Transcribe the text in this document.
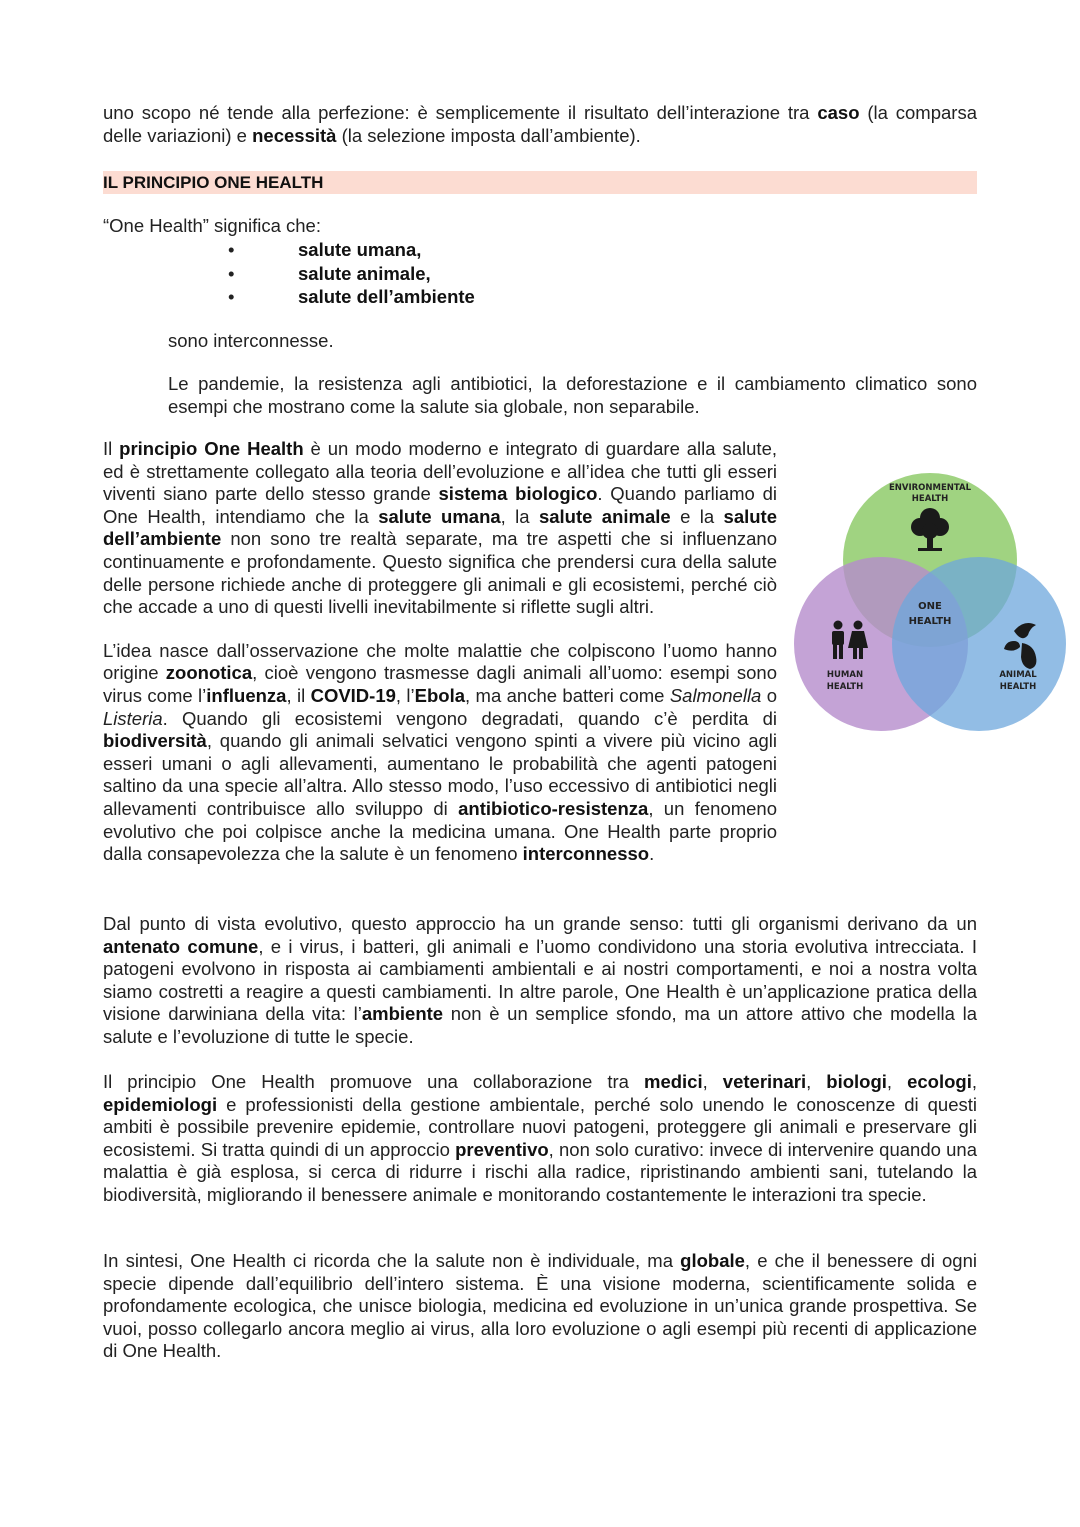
uno scopo né tende alla perfezione: è semplicemente il risultato dell’interazione tra caso (la comparsa delle variazioni) e necessità (la selezione imposta dall’ambiente).

IL PRINCIPIO ONE HEALTH

“One Health” significa che:

•	salute umana,
•	salute animale,
•	salute dell’ambiente

sono interconnesse.

Le pandemie, la resistenza agli antibiotici, la deforestazione e il cambiamento climatico sono esempi che mostrano come la salute sia globale, non separabile.

Il principio One Health è un modo moderno e integrato di guardare alla salute, ed è strettamente collegato alla teoria dell’evoluzione e all’idea che tutti gli esseri viventi siano parte dello stesso grande sistema biologico. Quando parliamo di One Health, intendiamo che la salute umana, la salute animale e la salute dell’ambiente non sono tre realtà separate, ma tre aspetti che si influenzano continuamente e profondamente. Questo significa che prendersi cura della salute delle persone richiede anche di proteggere gli animali e gli ecosistemi, perché ciò che accade a uno di questi livelli inevitabilmente si riflette sugli altri.

L’idea nasce dall’osservazione che molte malattie che colpiscono l’uomo hanno origine zoonotica, cioè vengono trasmesse dagli animali all’uomo: esempi sono virus come l’influenza, il COVID-19, l’Ebola, ma anche batteri come Salmonella o Listeria. Quando gli ecosistemi vengono degradati, quando c’è perdita di biodiversità, quando gli animali selvatici vengono spinti a vivere più vicino agli esseri umani o agli allevamenti, aumentano le probabilità che agenti patogeni saltino da una specie all’altra. Allo stesso modo, l’uso eccessivo di antibiotici negli allevamenti contribuisce allo sviluppo di antibiotico-resistenza, un fenomeno evolutivo che poi colpisce anche la medicina umana. One Health parte proprio dalla consapevolezza che la salute è un fenomeno interconnesso.

Dal punto di vista evolutivo, questo approccio ha un grande senso: tutti gli organismi derivano da un antenato comune, e i virus, i batteri, gli animali e l’uomo condividono una storia evolutiva intrecciata. I patogeni evolvono in risposta ai cambiamenti ambientali e ai nostri comportamenti, e noi a nostra volta siamo costretti a reagire a questi cambiamenti. In altre parole, One Health è un’applicazione pratica della visione darwiniana della vita: l’ambiente non è un semplice sfondo, ma un attore attivo che modella la salute e l’evoluzione di tutte le specie.

Il principio One Health promuove una collaborazione tra medici, veterinari, biologi, ecologi, epidemiologi e professionisti della gestione ambientale, perché solo unendo le conoscenze di questi ambiti è possibile prevenire epidemie, controllare nuovi patogeni, proteggere gli animali e preservare gli ecosistemi. Si tratta quindi di un approccio preventivo, non solo curativo: invece di intervenire quando una malattia è già esplosa, si cerca di ridurre i rischi alla radice, ripristinando ambienti sani, tutelando la biodiversità, migliorando il benessere animale e monitorando costantemente le interazioni tra specie.

In sintesi, One Health ci ricorda che la salute non è individuale, ma globale, e che il benessere di ogni specie dipende dall’equilibrio dell’intero sistema. È una visione moderna, scientificamente solida e profondamente ecologica, che unisce biologia, medicina ed evoluzione in un’unica grande prospettiva. Se vuoi, posso collegarlo ancora meglio ai virus, alla loro evoluzione o agli esempi più recenti di applicazione di One Health.

ENVIRONMENTAL
HEALTH
ONE
HEALTH
HUMAN
HEALTH
ANIMAL
HEALTH
